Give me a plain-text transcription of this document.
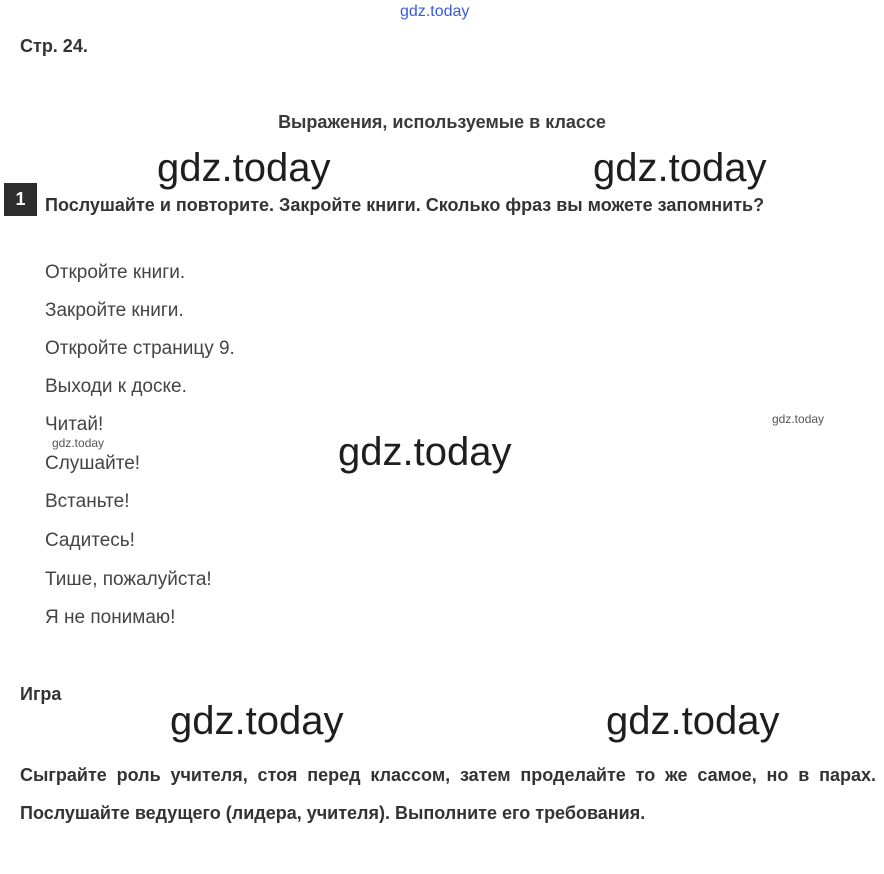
gdz.today
Стр. 24.
Выражения, используемые в классе
gdz.today	gdz.today
1	Послушайте и повторите. Закройте книги. Сколько фраз вы можете запомнить?
Откройте книги.
Закройте книги.
Откройте страницу 9.
Выходи к доске.
Читай!
gdz.today
Слушайте!
Встаньте!
Садитесь!
Тише, пожалуйста!
Я не понимаю!
gdz.today
gdz.today
Игра
gdz.today	gdz.today
Сыграйте роль учителя, стоя перед классом, затем проделайте то же самое, но в парах. Послушайте ведущего (лидера, учителя). Выполните его требования.
